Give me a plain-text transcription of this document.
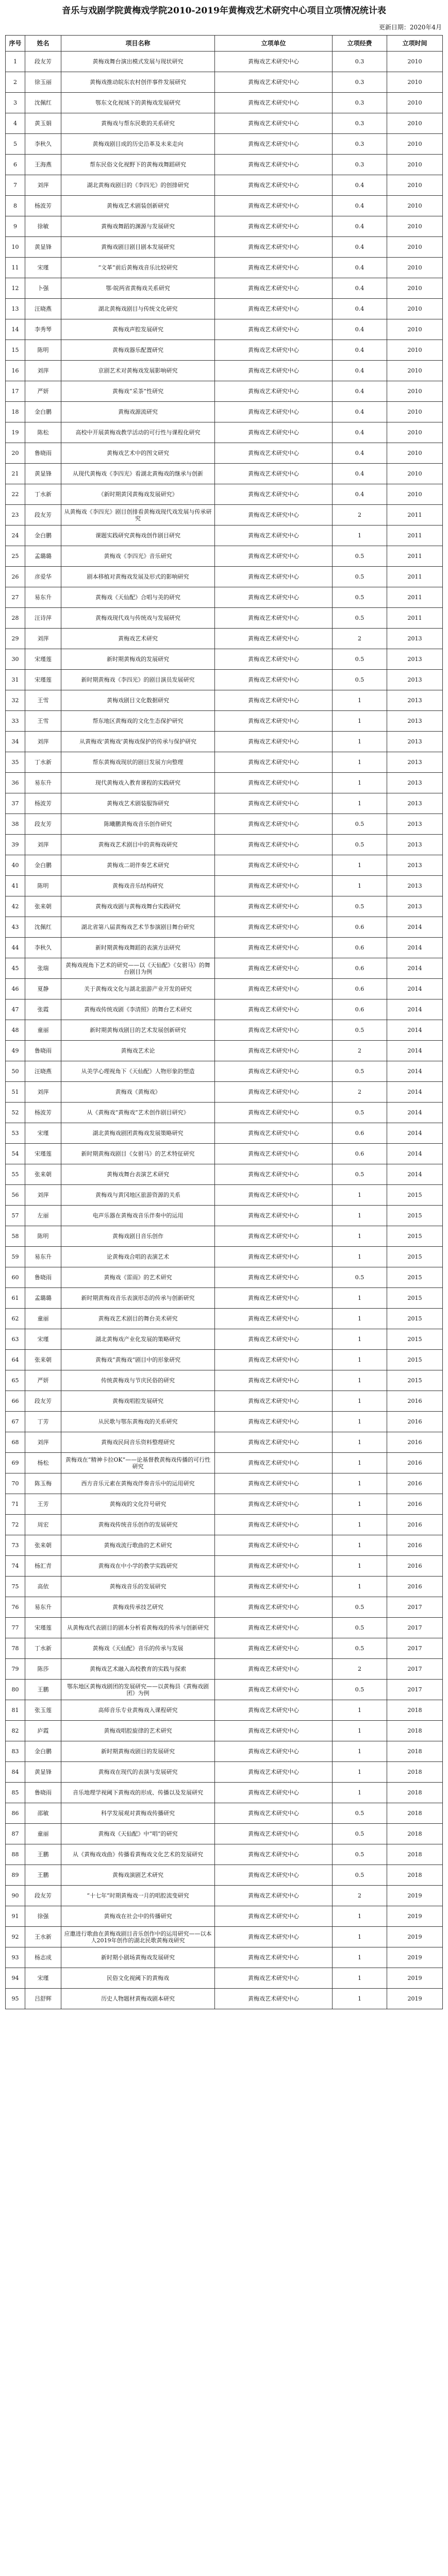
音乐与戏剧学院黄梅戏学院2010-2019年黄梅戏艺术研究中心项目立项情况统计表
更新日期：2020年4月
序号	姓名	项目名称	立项单位	立项经费	立项时间
1	段友芳	黄梅戏舞台演出模式发展与现状研究	黄梅戏艺术研究中心	0.3	2010
2	徐玉丽	黄梅戏推动皖东农村创伴事件发展研究	黄梅戏艺术研究中心	0.3	2010
3	沈佩红	鄂东文化视域下的黄梅戏发展研究	黄梅戏艺术研究中心	0.3	2010
4	黄玉娟	黄梅戏与帮东民歌的关系研究	黄梅戏艺术研究中心	0.3	2010
5	李秋久	黄梅戏剧目成的历史沿革及未来走向	黄梅戏艺术研究中心	0.3	2010
6	王海燕	帮东民俗文化视野下的黄梅戏舞蹈研究	黄梅戏艺术研究中心	0.3	2010
7	刘萍	湖北黄梅戏剧目的《李四光》的创排研究	黄梅戏艺术研究中心	0.4	2010
8	杨波芳	黄梅戏艺术剧装创新研究	黄梅戏艺术研究中心	0.4	2010
9	徐敏	黄梅戏舞蹈的渊源与发展研究	黄梅戏艺术研究中心	0.4	2010
10	黄显锋	黄梅戏剧目剧目剧本发展研究	黄梅戏艺术研究中心	0.4	2010
11	宋瑾	“文革”前后黄梅戏音乐比较研究	黄梅戏艺术研究中心	0.4	2010
12	卜强	鄂·皖两省黄梅戏关系研究	黄梅戏艺术研究中心	0.4	2010
13	汪晓燕	湖北黄梅戏剧目与传统文化研究	黄梅戏艺术研究中心	0.4	2010
14	李秀琴	黄梅戏声腔发展研究	黄梅戏艺术研究中心	0.4	2010
15	陈明	黄梅戏器乐配置研究	黄梅戏艺术研究中心	0.4	2010
16	刘萍	京剧艺术对黄梅戏发展影响研究	黄梅戏艺术研究中心	0.4	2010
17	严妍	黄梅戏“采茶”性研究	黄梅戏艺术研究中心	0.4	2010
18	金白鹏	黄梅戏源流研究	黄梅戏艺术研究中心	0.4	2010
19	陈松	高校中开展黄梅戏教学活动的可行性与课程化研究	黄梅戏艺术研究中心	0.4	2010
20	鲁晓雨	黄梅戏艺术中的图文研究	黄梅戏艺术研究中心	0.4	2010
21	黄显锋	从现代黄梅戏《李四光》看湖北黄梅戏的继承与创新	黄梅戏艺术研究中心	0.4	2010
22	丁水新	《新时期黄冈黄梅戏发展研究》	黄梅戏艺术研究中心	0.4	2010
23	段友芳	从黄梅戏《李四光》剧目创排看黄梅戏现代戏发展与传承研究	黄梅戏艺术研究中心	2	2011
24	金白鹏	课题实践研究黄梅戏创作剧目研究	黄梅戏艺术研究中心	1	2011
25	孟璐璐	黄梅戏《李四光》音乐研究	黄梅戏艺术研究中心	0.5	2011
26	彦爱华	剧本移植对黄梅戏发展及形式的影响研究	黄梅戏艺术研究中心	0.5	2011
27	易东升	黄梅戏《天仙配》合唱与美的研究	黄梅戏艺术研究中心	0.5	2011
28	汪诗萍	黄梅戏现代戏与传统戏与发展研究	黄梅戏艺术研究中心	0.5	2011
29	刘萍	黄梅戏艺术研究	黄梅戏艺术研究中心	2	2013
30	宋瑾莲	新时期黄梅戏的发展研究	黄梅戏艺术研究中心	0.5	2013
31	宋瑾莲	新时期黄梅戏《李四光》的剧目演员发展研究	黄梅戏艺术研究中心	0.5	2013
32	王雪	黄梅戏剧目文化数据研究	黄梅戏艺术研究中心	1	2013
33	王雪	帮东地区黄梅戏的文化生态保护研究	黄梅戏艺术研究中心	1	2013
34	刘萍	从黄梅戏‘黄梅戏’黄梅戏保护的传承与保护研究	黄梅戏艺术研究中心	1	2013
35	丁水新	帮东黄梅戏现状的剧目发展方向整理	黄梅戏艺术研究中心	1	2013
36	易东升	现代黄梅戏入教育课程的实践研究	黄梅戏艺术研究中心	1	2013
37	杨波芳	黄梅戏艺术剧装服饰研究	黄梅戏艺术研究中心	1	2013
38	段友芳	陈曦鹏黄梅戏音乐创作研究	黄梅戏艺术研究中心	0.5	2013
39	刘萍	黄梅戏艺术剧目中的黄梅戏研究	黄梅戏艺术研究中心	0.5	2013
40	金白鹏	黄梅戏二胡伴奏艺术研究	黄梅戏艺术研究中心	1	2013
41	陈明	黄梅戏音乐结构研究	黄梅戏艺术研究中心	1	2013
42	张来朝	黄梅戏戏剧与黄梅戏舞台实践研究	黄梅戏艺术研究中心	0.5	2013
43	沈佩红	湖北省第八届黄梅戏艺术节参演剧目舞台研究	黄梅戏艺术研究中心	0.6	2014
44	李秋久	新时期黄梅戏舞蹈的表演方法研究	黄梅戏艺术研究中心	0.6	2014
45	张瑞	黄梅戏视角下艺术的研究——以《天仙配》《女驸马》的舞台剧目为例	黄梅戏艺术研究中心	0.6	2014
46	夏静	关于黄梅戏文化与湖北旅游产业开发的研究	黄梅戏艺术研究中心	0.6	2014
47	张霞	黄梅戏传统戏剧《李清照》的舞台艺术研究	黄梅戏艺术研究中心	0.6	2014
48	童丽	新时期黄梅戏剧目的艺术发展创新研究	黄梅戏艺术研究中心	0.5	2014
49	鲁晓雨	黄梅戏艺术论	黄梅戏艺术研究中心	2	2014
50	汪晓燕	从美学心理视角下《天仙配》人物形象的塑造	黄梅戏艺术研究中心	0.5	2014
51	刘萍	黄梅戏《黄梅戏》	黄梅戏艺术研究中心	2	2014
52	杨波芳	从《黄梅戏“黄梅戏”艺术创作剧目研究》	黄梅戏艺术研究中心	0.5	2014
53	宋瑾	湖北黄梅戏剧团黄梅戏发展策略研究	黄梅戏艺术研究中心	0.6	2014
54	宋瑾莲	新时期黄梅戏剧目《女驸马》的艺术特征研究	黄梅戏艺术研究中心	0.6	2014
55	张来朝	黄梅戏舞台表演艺术研究	黄梅戏艺术研究中心	0.5	2014
56	刘萍	黄梅戏与黄冈地区旅游资源的关系	黄梅戏艺术研究中心	1	2015
57	左丽	电声乐器在黄梅戏音乐伴奏中的运用	黄梅戏艺术研究中心	1	2015
58	陈明	黄梅戏剧目音乐创作	黄梅戏艺术研究中心	1	2015
59	易东升	论黄梅戏合唱的表演艺术	黄梅戏艺术研究中心	1	2015
60	鲁晓雨	黄梅戏《雷雨》的艺术研究	黄梅戏艺术研究中心	0.5	2015
61	孟璐璐	新时期黄梅戏音乐表演形态的传承与创新研究	黄梅戏艺术研究中心	1	2015
62	童丽	黄梅戏艺术剧目的舞台美术研究	黄梅戏艺术研究中心	1	2015
63	宋瑾	湖北黄梅戏产业化发展的策略研究	黄梅戏艺术研究中心	1	2015
64	张来朝	黄梅戏“黄梅戏”剧目中的形象研究	黄梅戏艺术研究中心	1	2015
65	严妍	传统黄梅戏与节庆民俗的研究	黄梅戏艺术研究中心	1	2015
66	段友芳	黄梅戏唱腔发展研究	黄梅戏艺术研究中心	1	2016
67	丁芳	从民歌与鄂东黄梅戏的关系研究	黄梅戏艺术研究中心	1	2016
68	刘萍	黄梅戏民间音乐资料整理研究	黄梅戏艺术研究中心	1	2016
69	杨松	黄梅戏在“精神卡拉OK”——论基督教黄梅戏传播的可行性研究	黄梅戏艺术研究中心	1	2016
70	陈玉梅	西方音乐元素在黄梅戏伴奏音乐中的运用研究	黄梅戏艺术研究中心	1	2016
71	王芳	黄梅戏的文化符号研究	黄梅戏艺术研究中心	1	2016
72	周宏	黄梅戏传统音乐创作的发展研究	黄梅戏艺术研究中心	1	2016
73	张来朝	黄梅戏流行歌曲的艺术研究	黄梅戏艺术研究中心	1	2016
74	杨汇青	黄梅戏在中小学的教学实践研究	黄梅戏艺术研究中心	1	2016
75	高依	黄梅戏音乐的发展研究	黄梅戏艺术研究中心	1	2016
76	易东升	黄梅戏传承技艺研究	黄梅戏艺术研究中心	0.5	2017
77	宋瑾莲	从黄梅戏代表剧目的剧本分析看黄梅戏的传承与创新研究	黄梅戏艺术研究中心	0.5	2017
78	丁水新	黄梅戏《天仙配》音乐的传承与发展	黄梅戏艺术研究中心	0.5	2017
79	陈莎	黄梅戏艺术融入高校教育的实践与探索	黄梅戏艺术研究中心	2	2017
80	王鹏	鄂东地区黄梅戏剧团的发展研究——以黄梅县《黄梅戏剧团》为例	黄梅戏艺术研究中心	0.5	2017
81	张玉莲	高师音乐专业黄梅戏入课程研究	黄梅戏艺术研究中心	1	2018
82	庐霞	黄梅戏唱腔旋律的艺术研究	黄梅戏艺术研究中心	1	2018
83	金白鹏	新时期黄梅戏剧目的发展研究	黄梅戏艺术研究中心	1	2018
84	黄显锋	黄梅戏在现代的表演与发展研究	黄梅戏艺术研究中心	1	2018
85	鲁晓雨	音乐地理学视阈下黄梅戏的形成、传播以及发展研究	黄梅戏艺术研究中心	1	2018
86	邵敏	科学发展观对黄梅戏传播研究	黄梅戏艺术研究中心	0.5	2018
87	童丽	黄梅戏《天仙配》中“唱”的研究	黄梅戏艺术研究中心	0.5	2018
88	王鹏	从《黄梅戏戏曲》传播看黄梅戏文化艺术的发展研究	黄梅戏艺术研究中心	0.5	2018
89	王鹏	黄梅戏演剧艺术研究	黄梅戏艺术研究中心	0.5	2018
90	段友芳	“十七年”时期黄梅戏一月的唱腔流变研究	黄梅戏艺术研究中心	2	2019
91	徐强	黄梅戏在社会中的传播研究	黄梅戏艺术研究中心	1	2019
92	王水新	应邀进行歌曲在黄梅戏剧目音乐创作中的运用研究——以本人2019年创作的湖北民歌黄梅戏研究	黄梅戏艺术研究中心	1	2019
93	杨志成	新时期小剧场黄梅戏发展研究	黄梅戏艺术研究中心	1	2019
94	宋瑾	民俗文化视阈下的黄梅戏	黄梅戏艺术研究中心	1	2019
95	吕舒辉	历史人物题材黄梅戏剧本研究	黄梅戏艺术研究中心	1	2019
